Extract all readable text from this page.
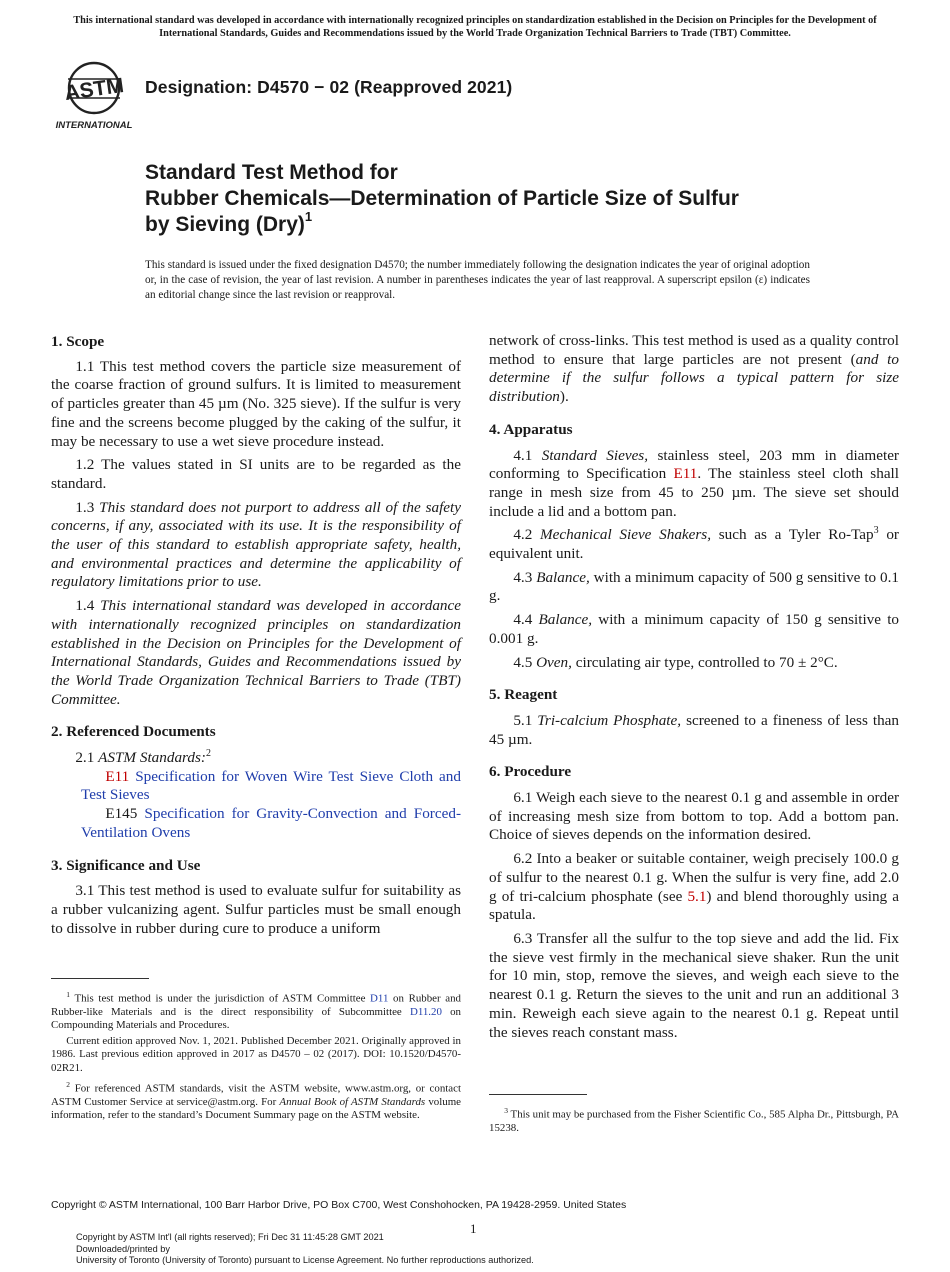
This international standard was developed in accordance with internationally recognized principles on standardization established in the Decision on Principles for the Development of International Standards, Guides and Recommendations issued by the World Trade Organization Technical Barriers to Trade (TBT) Committee.
ASTM
INTERNATIONAL
Designation: D4570 − 02 (Reapproved 2021)
Standard Test Method for
Rubber Chemicals—Determination of Particle Size of Sulfur
by Sieving (Dry)$^1$
This standard is issued under the fixed designation D4570; the number immediately following the designation indicates the year of original adoption or, in the case of revision, the year of last revision. A number in parentheses indicates the year of last reapproval. A superscript epsilon (ε) indicates an editorial change since the last revision or reapproval.
1. Scope

1.1 This test method covers the particle size measurement of the coarse fraction of ground sulfurs. It is limited to measurement of particles greater than 45 µm (No. 325 sieve). If the sulfur is very fine and the screens become plugged by the caking of the sulfur, it may be necessary to use a wet sieve procedure instead.

1.2 The values stated in SI units are to be regarded as the standard.

1.3 This standard does not purport to address all of the safety concerns, if any, associated with its use. It is the responsibility of the user of this standard to establish appropriate safety, health, and environmental practices and determine the applicability of regulatory limitations prior to use.

1.4 This international standard was developed in accordance with internationally recognized principles on standardization established in the Decision on Principles for the Development of International Standards, Guides and Recommendations issued by the World Trade Organization Technical Barriers to Trade (TBT) Committee.

2. Referenced Documents

2.1 ASTM Standards:$^2$

E11 Specification for Woven Wire Test Sieve Cloth and Test Sieves

E145 Specification for Gravity-Convection and Forced-Ventilation Ovens

3. Significance and Use

3.1 This test method is used to evaluate sulfur for suitability as a rubber vulcanizing agent. Sulfur particles must be small enough to dissolve in rubber during cure to produce a uniform

$^1$ This test method is under the jurisdiction of ASTM Committee D11 on Rubber and Rubber-like Materials and is the direct responsibility of Subcommittee D11.20 on Compounding Materials and Procedures.

Current edition approved Nov. 1, 2021. Published December 2021. Originally approved in 1986. Last previous edition approved in 2017 as D4570 – 02 (2017). DOI: 10.1520/D4570-02R21.

$^2$ For referenced ASTM standards, visit the ASTM website, www.astm.org, or contact ASTM Customer Service at service@astm.org. For Annual Book of ASTM Standards volume information, refer to the standard’s Document Summary page on the ASTM website.

network of cross-links. This test method is used as a quality control method to ensure that large particles are not present (and to determine if the sulfur follows a typical pattern for size distribution).

4. Apparatus

4.1 Standard Sieves, stainless steel, 203 mm in diameter conforming to Specification E11. The stainless steel cloth shall range in mesh size from 45 to 250 µm. The sieve set should include a lid and a bottom pan.

4.2 Mechanical Sieve Shakers, such as a Tyler Ro-Tap$^3$ or equivalent unit.

4.3 Balance, with a minimum capacity of 500 g sensitive to 0.1 g.

4.4 Balance, with a minimum capacity of 150 g sensitive to 0.001 g.

4.5 Oven, circulating air type, controlled to 70 ± 2°C.

5. Reagent

5.1 Tri-calcium Phosphate, screened to a fineness of less than 45 µm.

6. Procedure

6.1 Weigh each sieve to the nearest 0.1 g and assemble in order of increasing mesh size from bottom to top. Add a bottom pan. Choice of sieves depends on the information desired.

6.2 Into a beaker or suitable container, weigh precisely 100.0 g of sulfur to the nearest 0.1 g. When the sulfur is very fine, add 2.0 g of tri-calcium phosphate (see 5.1) and blend thoroughly using a spatula.

6.3 Transfer all the sulfur to the top sieve and add the lid. Fix the sieve vest firmly in the mechanical sieve shaker. Run the unit for 10 min, stop, remove the sieves, and weigh each sieve to the nearest 0.1 g. Return the sieves to the unit and run an additional 3 min. Reweigh each sieve again to the nearest 0.1 g. Repeat until the sieves reach constant mass.

$^3$ This unit may be purchased from the Fisher Scientific Co., 585 Alpha Dr., Pittsburgh, PA 15238.

Copyright © ASTM International, 100 Barr Harbor Drive, PO Box C700, West Conshohocken, PA 19428-2959. United States
1
Copyright by ASTM Int'l (all rights reserved); Fri Dec 31 11:45:28 GMT 2021
Downloaded/printed by
University of Toronto (University of Toronto) pursuant to License Agreement. No further reproductions authorized.
